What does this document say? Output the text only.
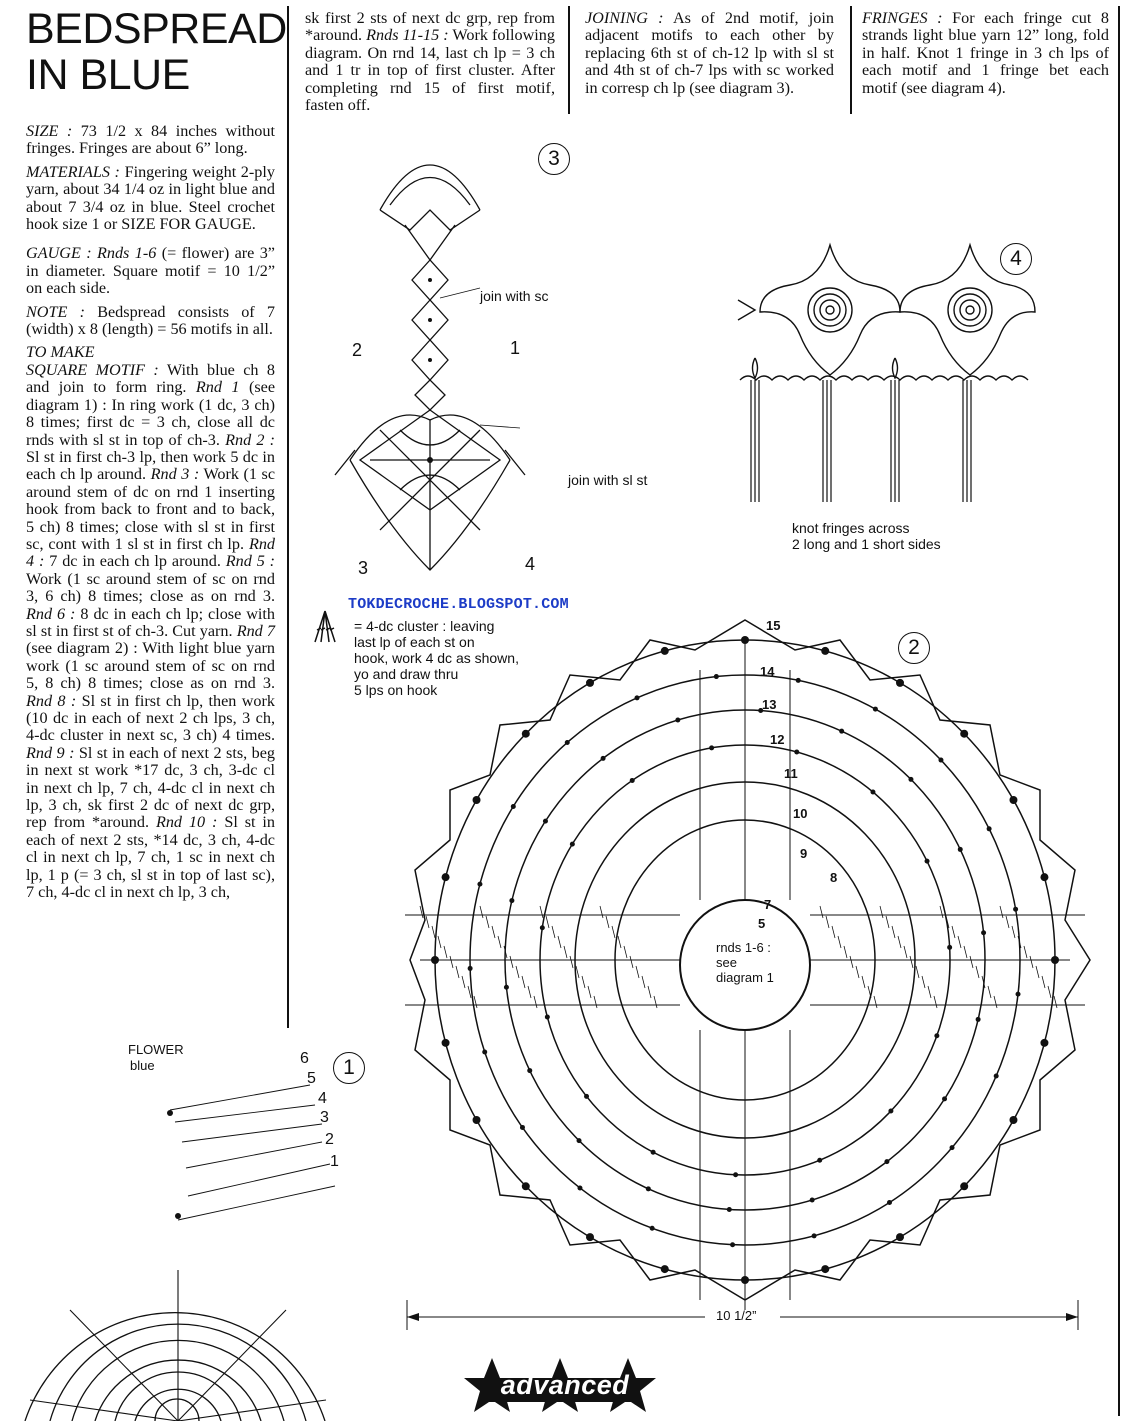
BEDSPREAD
IN BLUE

SIZE : 73 1/2 x 84 inches without fringes. Fringes are about 6” long.

MATERIALS : Fingering weight 2-ply yarn, about 34 1/4 oz in light blue and about 7 3/4 oz in blue. Steel crochet hook size 1 or SIZE FOR GAUGE.

GAUGE : Rnds 1-6 (= flower) are 3” in diameter. Square motif = 10 1/2” on each side.

NOTE : Bedspread consists of 7 (width) x 8 (length) = 56 motifs in all.

TO MAKE

SQUARE MOTIF : With blue ch 8 and join to form ring. Rnd 1 (see diagram 1) : In ring work (1 dc, 3 ch) 8 times; first dc = 3 ch, close all dc rnds with sl st in top of ch-3. Rnd 2 : Sl st in first ch-3 lp, then work 5 dc in each ch lp around. Rnd 3 : Work (1 sc around stem of dc on rnd 1 inserting hook from back to front and to back, 5 ch) 8 times; close with sl st in first sc, cont with 1 sl st in first ch lp. Rnd 4 : 7 dc in each ch lp around. Rnd 5 : Work (1 sc around stem of sc on rnd 3, 6 ch) 8 times; close as on rnd 3. Rnd 6 : 8 dc in each ch lp; close with sl st in first st of ch-3. Cut yarn. Rnd 7 (see diagram 2) : With light blue yarn work (1 sc around stem of sc on rnd 5, 8 ch) 8 times; close as on rnd 3. Rnd 8 : Sl st in first ch lp, then work (10 dc in each of next 2 ch lps, 3 ch, 4-dc cluster in next sc, 3 ch) 4 times. Rnd 9 : Sl st in each of next 2 sts, beg in next st work *17 dc, 3 ch, 3-dc cl in next ch lp, 7 ch, 4-dc cl in next ch lp, 3 ch, sk first 2 dc of next dc grp, rep from *around. Rnd 10 : Sl st in each of next 2 sts, *14 dc, 3 ch, 4-dc cl in next ch lp, 7 ch, 1 sc in next ch lp, 1 p (= 3 ch, sl st in top of last sc), 7 ch, 4-dc cl in next ch lp, 3 ch,

sk first 2 sts of next dc grp, rep from *around. Rnds 11-15 : Work following diagram. On rnd 14, last ch lp = 3 ch and 1 tr in top of first cluster. After completing rnd 15 of first motif, fasten off.

JOINING : As of 2nd motif, join adjacent motifs to each other by replacing 6th st of ch-12 lp with sl st and 4th st of ch-7 lps with sc worked in corresp ch lp (see diagram 3).

FRINGES : For each fringe cut 8 strands light blue yarn 12” long, fold in half. Knot 1 fringe in 3 ch lps of each motif and 1 fringe bet each motif (see diagram 4).

3
join with sc
join with sl st
1
2
3	4
4
knot fringes across
2 long and 1 short sides
TOKDECROCHE.BLOGSPOT.COM
= 4-dc cluster : leaving
last lp of each st on
hook, work 4 dc as shown,
yo and draw thru
5 lps on hook
1
FLOWER
blue	6
5
4
3
2
1
2
rnds 1-6 :
see
diagram 1
15
14
13
12
11
10
9
8
7
5
10 1/2”
advanced
